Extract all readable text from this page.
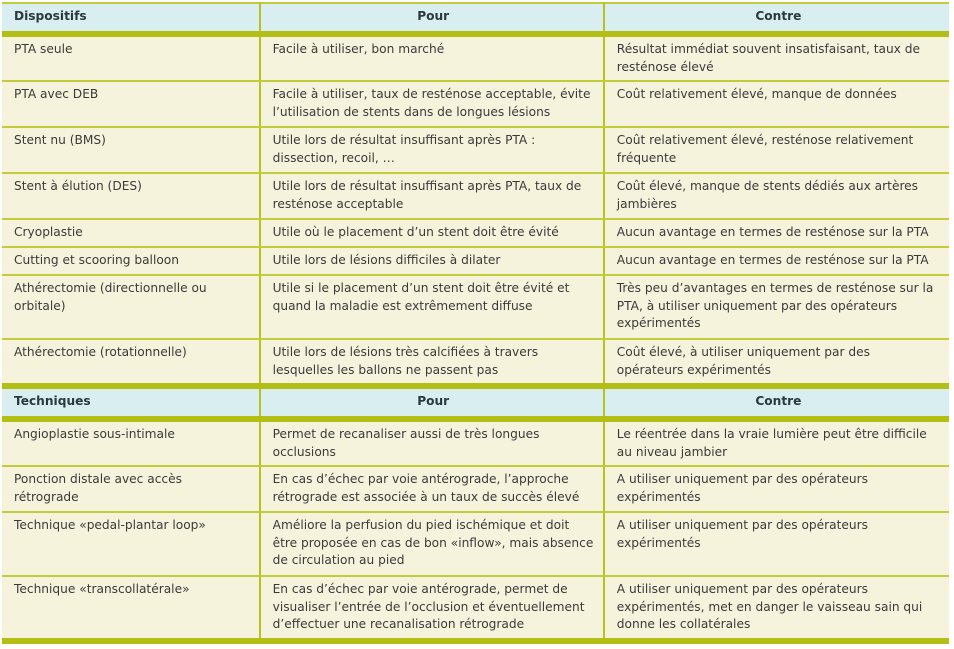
Dispositifs	Pour	Contre
PTA seule	Facile à utiliser, bon marché	Résultat immédiat souvent insatisfaisant, taux de resténose élevé
PTA avec DEB	Facile à utiliser, taux de resténose acceptable, évite l’utilisation de stents dans de longues lésions	Coût relativement élevé, manque de données
Stent nu (BMS)	Utile lors de résultat insuffisant après PTA : dissection, recoil, …	Coût relativement élevé, resténose relativement fréquente
Stent à élution (DES)	Utile lors de résultat insuffisant après PTA, taux de resténose acceptable	Coût élevé, manque de stents dédiés aux artères jambières
Cryoplastie	Utile où le placement d’un stent doit être évité	Aucun avantage en termes de resténose sur la PTA
Cutting et scooring balloon	Utile lors de lésions difficiles à dilater	Aucun avantage en termes de resténose sur la PTA
Athérectomie (directionnelle ou orbitale)	Utile si le placement d’un stent doit être évité et quand la maladie est extrêmement diffuse	Très peu d’avantages en termes de resténose sur la PTA, à utiliser uniquement par des opérateurs expérimentés
Athérectomie (rotationnelle)	Utile lors de lésions très calcifiées à travers lesquelles les ballons ne passent pas	Coût élevé, à utiliser uniquement par des opérateurs expérimentés
Techniques	Pour	Contre
Angioplastie sous-intimale	Permet de recanaliser aussi de très longues occlusions	Le réentrée dans la vraie lumière peut être difficile au niveau jambier
Ponction distale avec accès rétrograde	En cas d’échec par voie antérograde, l’approche rétrograde est associée à un taux de succès élevé	A utiliser uniquement par des opérateurs expérimentés
Technique «pedal-plantar loop»	Améliore la perfusion du pied ischémique et doit être proposée en cas de bon «inflow», mais absence de circulation au pied	A utiliser uniquement par des opérateurs expérimentés
Technique «transcollatérale»	En cas d’échec par voie antérograde, permet de visualiser l’entrée de l’occlusion et éventuellement d’effectuer une recanalisation rétrograde	A utiliser uniquement par des opérateurs expérimentés, met en danger le vaisseau sain qui donne les collatérales
